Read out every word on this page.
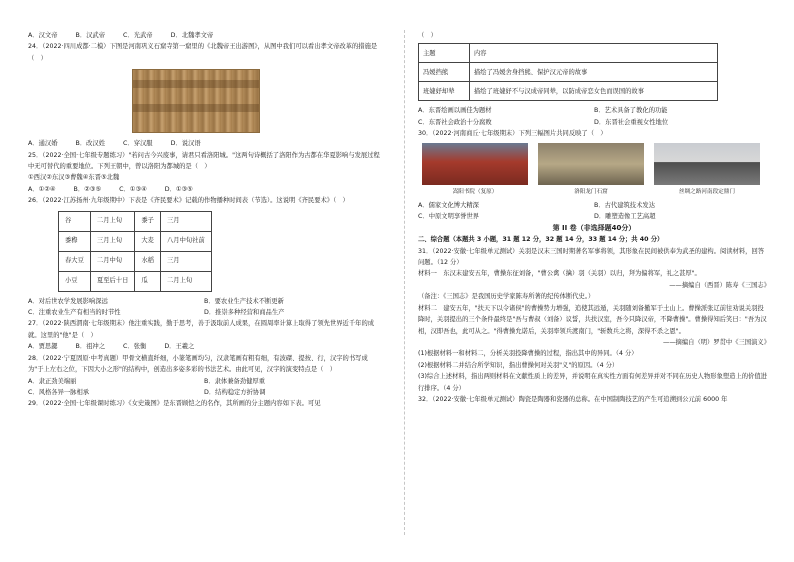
A．汉文帝	B．汉武帝	C．光武帝	D．北魏孝文帝
24．（2022·四川成都·二模）下图是河南巩义石窟寺第一窟里的《北魏帝王出游图》，从图中我们可以看出孝文帝改革的措施是（　）
A．通汉婚	B．改汉姓	C．穿汉服	D．说汉语
25．（2022·全国·七年级专题练习）"若问古今兴废事，请君只看洛阳城。"这两句诗概括了洛阳作为古都在华夏影响与发展过程中无可替代的重要地位。下列王朝中，曾以洛阳为都城的是（　）
①西汉②东汉③曹魏④东晋⑤北魏
A．①②④	B．②③⑤	C．①③④	D．①③⑤
26．（2022·江苏扬州·九年级期中）下表是《齐民要术》记载的作物播种时间表（节选）。这说明《齐民要术》（　）
谷	二月上旬	黍子	三月
黍穄	三月上旬	大麦	八月中旬社前
春大豆	二月中旬	水稻	三月
小豆	夏至后十日	瓜	二月上旬
A．对后世农学发展影响深远	B．要农业生产技术不断更新
C．注重农业生产有相当的时节性	D．推崇多种经营和商品生产
27．（2022·陕西渭南·七年级期末）他注重实践，勤于思考，善于汲取前人成果，在圆周率计算上取得了领先世界近千年的成就。这里的"他"是（　）
A．贾思勰	B．祖冲之	C．张衡	D．王羲之
28．（2022·宁夏固原·中考真题）甲骨文横直纤细，小篆笔画均匀，汉隶笔画有粗有细，有波磔、提按、行，汉字的书写成为"于上左右之位，下因大小之形"的结构中，创造出多姿多彩的书法艺术。由此可见，汉字的演变特点是（　）
A．隶正劲美端丽	B．隶体兼备劲健厚重
C．风格各异一脉相承	D．结构稳定方折协调
29．（2022·全国·七年级课时练习）《女史箴图》是东晋顾恺之的名作，其所画的分主题内容如下表。可见
（　）
主题	内容
冯媛挡熊	描绘了冯媛舍身挡熊、保护汉元帝的故事
班婕妤却辇	描绘了班婕妤不与汉成帝同辇，以防成帝恋女色而误国的故事
A．东晋绘画以画佳为题材	B．艺术具备了教化的功能
C．东晋社会政治十分腐败	D．东晋社会重视女性地位
30．（2022·河南商丘·七年级期末）下列三幅图片共同反映了（　）
嵩阳书院（复原）	洛阳龙门石窟	丝绸之路河南段定鼎门
A．儒家文化博大精深	B．古代建筑技术发达
C．中原文明享誉世界	D．雕塑造像工艺高超
第 II 卷（非选择题40分）
二、综合题（本题共 3 小题，31 题 12 分，32 题 14 分，33 题 14 分；共 40 分）
31．（2022·安徽·七年级单元测试）关羽是汉末三国时期著名军事将领，其形象在民间被供奉为武圣的建构。阅读材料，回答问题。（12 分）
材料一　东汉末建安五年，曹操东征刘备，"曹公禽（擒）羽（关羽）以归，拜为偏将军，礼之甚厚"。
——摘编自（西晋）陈寿《三国志》
（备注：《三国志》是我国历史学家陈寿所著的纪传体断代史。）
材料二　建安五年，"扶天下以令诸侯"的曹操势力增强，追使其远遁，关羽随刘备撤军于土山上。曹操派张辽前往劝说关羽投降时，关羽提出的三个条件最终是"吾与曹叔（刘备）议誓，共扶汉室，吾今只降汉帝，不降曹操"。曹操得知后笑曰："吾为汉相，汉即吾也，此可从之。"得曹操允诺后，关羽率领兵渡南门，"斩数兵之将，深得不杀之恩"。
——摘编自（明）罗贯中《三国演义》
(1)根据材料一和材料二，分析关羽投降曹操的过程，指出其中的异同。（4 分）
(2)根据材料二并结合所学知识，指出曹操何对关羽"义"的原因。（4 分）
(3)综合上述材料，指出两则材料在文献性质上的差异，并说明在真实性方面有何差异并对不同在历史人物形象塑造上的价值进行排序。（4 分）
32．（2022·安徽·七年级单元测试）陶瓷是陶器和瓷器的总称。在中国制陶技艺的产生可追溯到公元前 6000 年
